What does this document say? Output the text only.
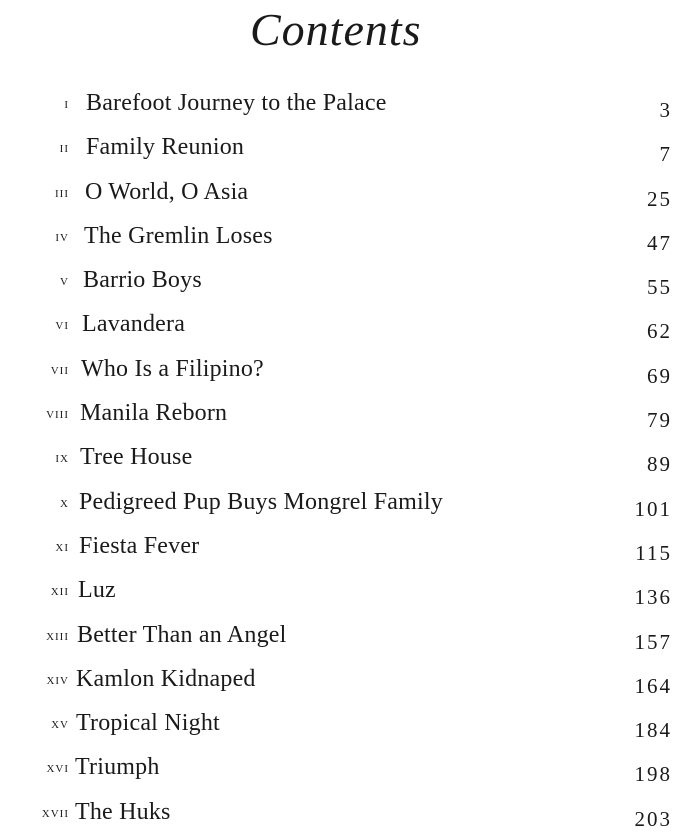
Contents
i Barefoot Journey to the Palace	3
ii Family Reunion	7
iii O World, O Asia	25
iv The Gremlin Loses	47
v Barrio Boys	55
vi Lavandera	62
vii Who Is a Filipino?	69
viii Manila Reborn	79
ix Tree House	89
x Pedigreed Pup Buys Mongrel Family	101
xi Fiesta Fever	115
xii Luz	136
xiii Better Than an Angel	157
xiv Kamlon Kidnaped	164
xv Tropical Night	184
xvi Triumph	198
xvii The Huks	203
